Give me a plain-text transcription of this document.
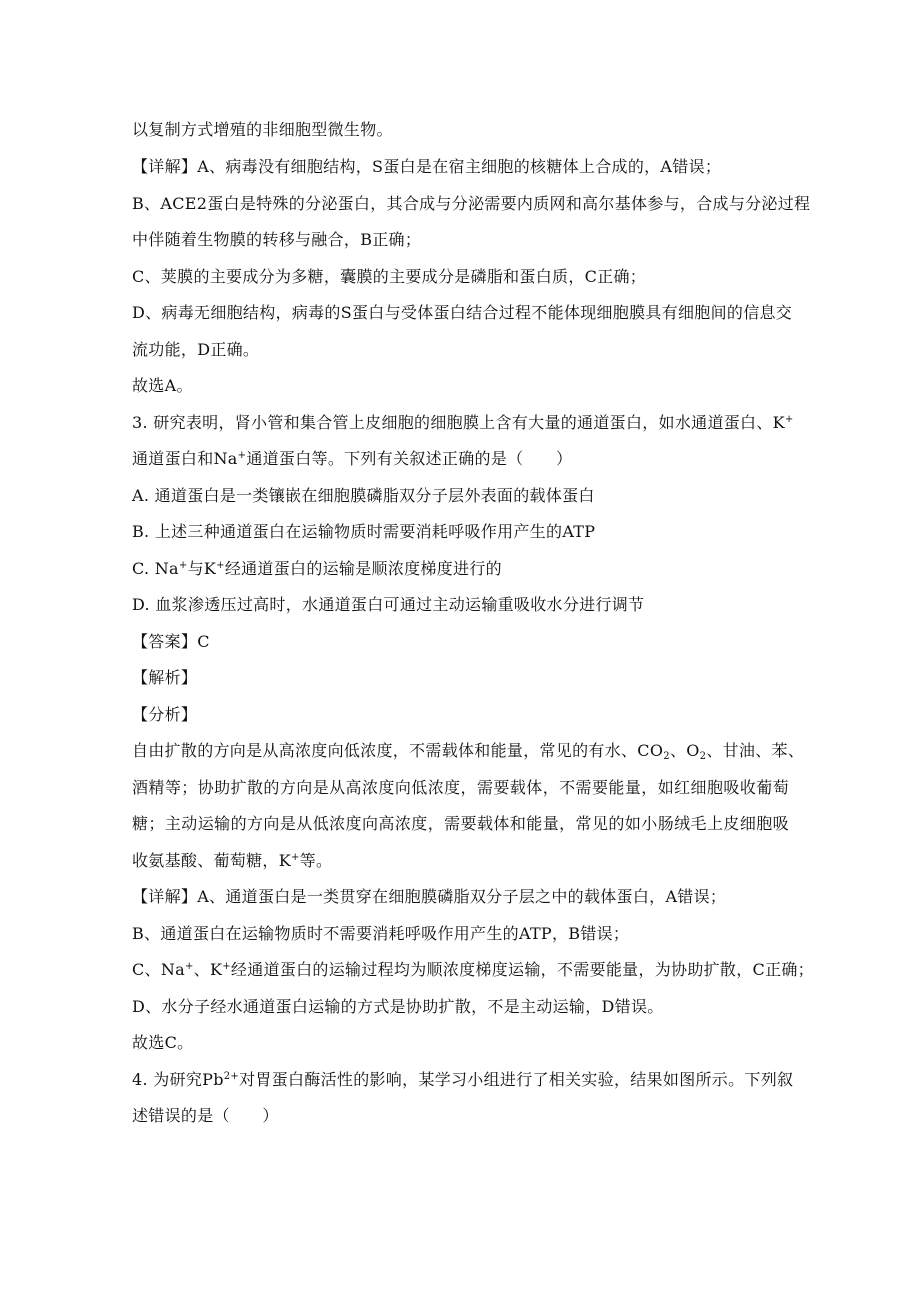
以复制方式增殖的非细胞型微生物。
【详解】A、病毒没有细胞结构，S蛋白是在宿主细胞的核糖体上合成的，A错误；
B、ACE2蛋白是特殊的分泌蛋白，其合成与分泌需要内质网和高尔基体参与，合成与分泌过程
中伴随着生物膜的转移与融合，B正确；
C、荚膜的主要成分为多糖，囊膜的主要成分是磷脂和蛋白质，C正确；
D、病毒无细胞结构，病毒的S蛋白与受体蛋白结合过程不能体现细胞膜具有细胞间的信息交
流功能，D正确。
故选A。
3. 研究表明，肾小管和集合管上皮细胞的细胞膜上含有大量的通道蛋白，如水通道蛋白、K+
通道蛋白和Na+通道蛋白等。下列有关叙述正确的是（　　）
A. 通道蛋白是一类镶嵌在细胞膜磷脂双分子层外表面的载体蛋白
B. 上述三种通道蛋白在运输物质时需要消耗呼吸作用产生的ATP
C. Na+与K+经通道蛋白的运输是顺浓度梯度进行的
D. 血浆渗透压过高时，水通道蛋白可通过主动运输重吸收水分进行调节
【答案】C
【解析】
【分析】
自由扩散的方向是从高浓度向低浓度，不需载体和能量，常见的有水、$CO_2$、$O_2$、甘油、苯、
酒精等；协助扩散的方向是从高浓度向低浓度，需要载体，不需要能量，如红细胞吸收葡萄
糖；主动运输的方向是从低浓度向高浓度，需要载体和能量，常见的如小肠绒毛上皮细胞吸
收氨基酸、葡萄糖，K+等。
【详解】A、通道蛋白是一类贯穿在细胞膜磷脂双分子层之中的载体蛋白，A错误；
B、通道蛋白在运输物质时不需要消耗呼吸作用产生的ATP，B错误；
C、Na+、K+经通道蛋白的运输过程均为顺浓度梯度运输，不需要能量，为协助扩散，C正确；
D、水分子经水通道蛋白运输的方式是协助扩散，不是主动运输，D错误。
故选C。
4. 为研究$Pb^{2+}$对胃蛋白酶活性的影响，某学习小组进行了相关实验，结果如图所示。下列叙
述错误的是（　　）
